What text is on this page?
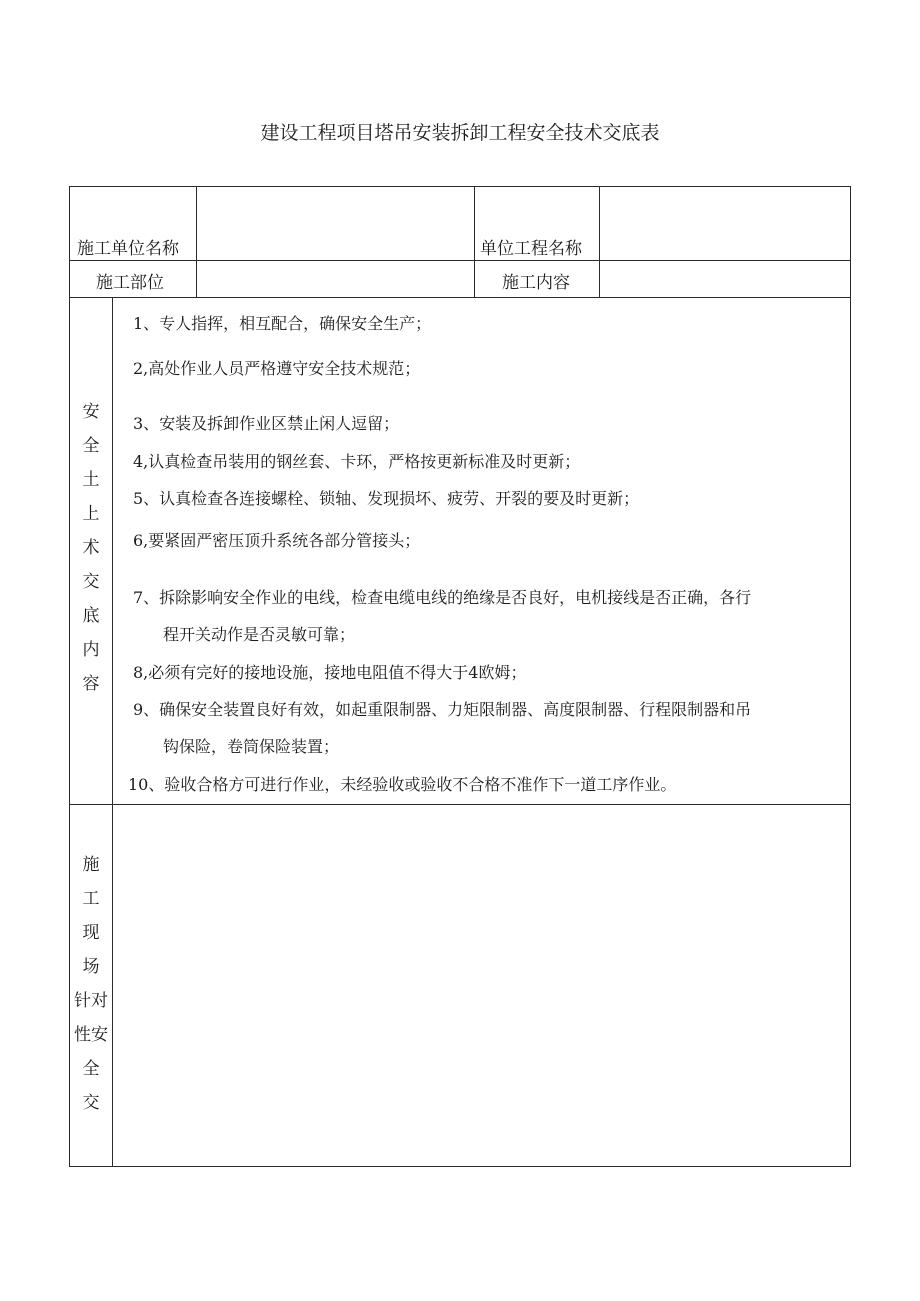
建设工程项目塔吊安装拆卸工程安全技术交底表
施工单位名称	单位工程名称
施工部位	施工内容
安
全
土
上
术
交
底
内
容
1、专人指挥，相互配合，确保安全生产；
2,高处作业人员严格遵守安全技术规范；
3、安装及拆卸作业区禁止闲人逗留；
4,认真检查吊装用的钢丝套、卡环，严格按更新标准及时更新；
5、认真检查各连接螺栓、锁轴、发现损坏、疲劳、开裂的要及时更新；
6,要紧固严密压顶升系统各部分管接头；
7、拆除影响安全作业的电线，检查电缆电线的绝缘是否良好，电机接线是否正确，各行
程开关动作是否灵敏可靠；
8,必须有完好的接地设施，接地电阻值不得大于4欧姆；
9、确保安全装置良好有效，如起重限制器、力矩限制器、高度限制器、行程限制器和吊
钩保险，卷筒保险装置；
10、验收合格方可进行作业，未经验收或验收不合格不准作下一道工序作业。
施
工
现
场
针对
性安
全
交
